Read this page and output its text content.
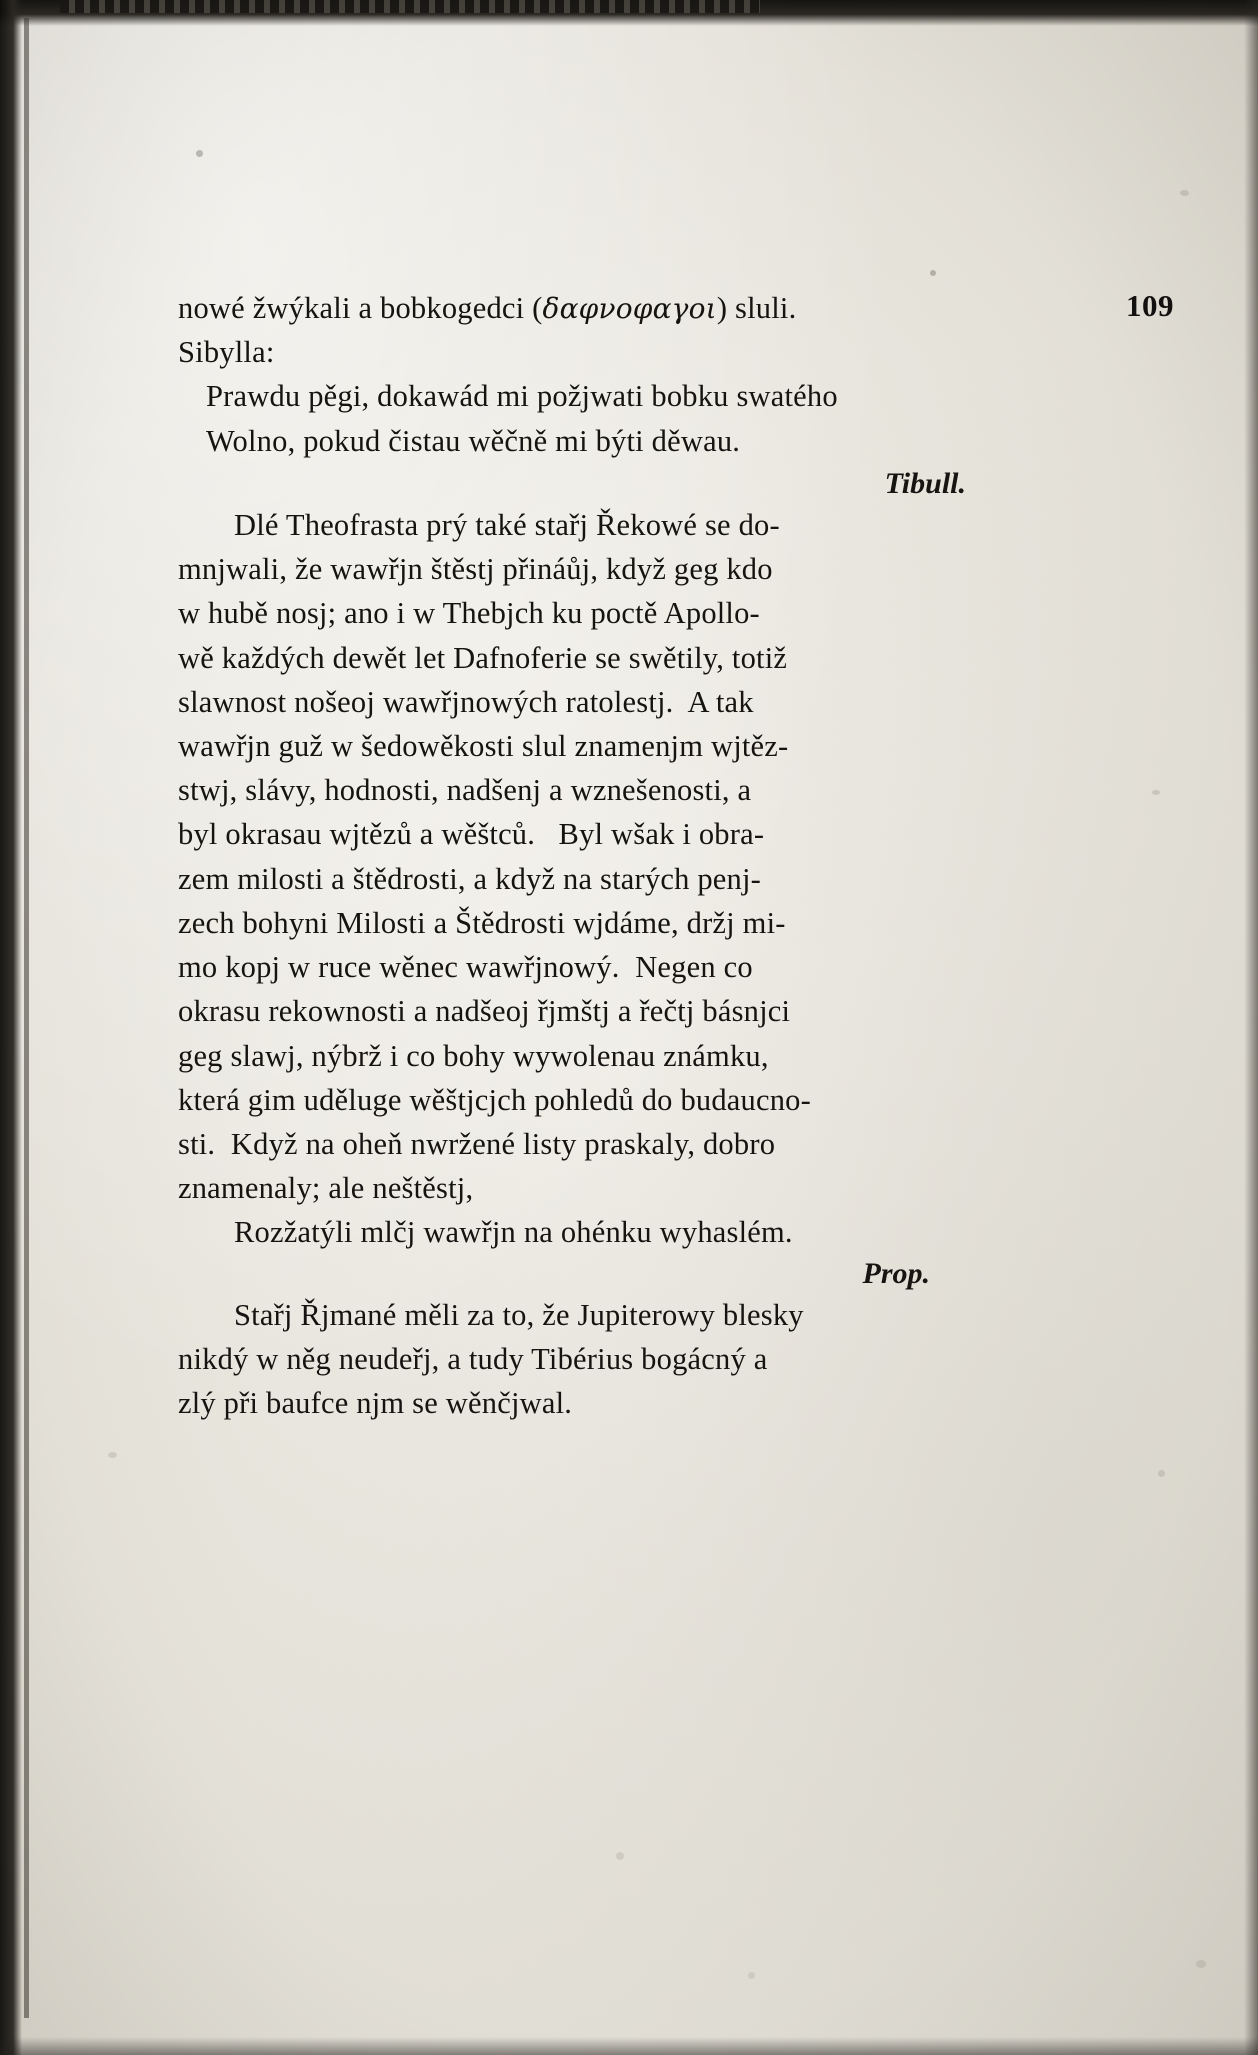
109

nowé žwýkali a bobkogedci (δαφνοφαγοι) sluli.

Sibylla:

Prawdu pěgi, dokawád mi požjwati bobku swatého

Wolno, pokud čistau wěčně mi býti děwau.

Tibull.

Dlé Theofrasta prý také stařj Řekowé se do-

mnjwali, že wawřjn štěstj přináůj, když geg kdo

w hubě nosj; ano i w Thebjch ku poctě Apollo-

wě každých dewět let Dafnoferie se swětily, totiž

slawnost nošeoj wawřjnowých ratolestj.  A tak

wawřjn guž w šedowěkosti slul znamenjm wjtěz-

stwj, slávy, hodnosti, nadšenj a wznešenosti, a

byl okrasau wjtězů a wěštců.   Byl wšak i obra-

zem milosti a štědrosti, a když na starých penj-

zech bohyni Milosti a Štědrosti wjdáme, držj mi-

mo kopj w ruce wěnec wawřjnowý.  Negen co

okrasu rekownosti a nadšeoj řjmštj a řečtj básnjci

geg slawj, nýbrž i co bohy wywolenau známku,

která gim uděluge wěštjcjch pohledů do budaucno-

sti.  Když na oheň nwržené listy praskaly, dobro

znamenaly; ale neštěstj,

Rozžatýli mlčj wawřjn na ohénku wyhaslém.

Prop.

Stařj Řjmané měli za to, že Jupiterowy blesky

nikdý w něg neudeřj, a tudy Tibérius bogácný a

zlý při baufce njm se wěnčjwal.
